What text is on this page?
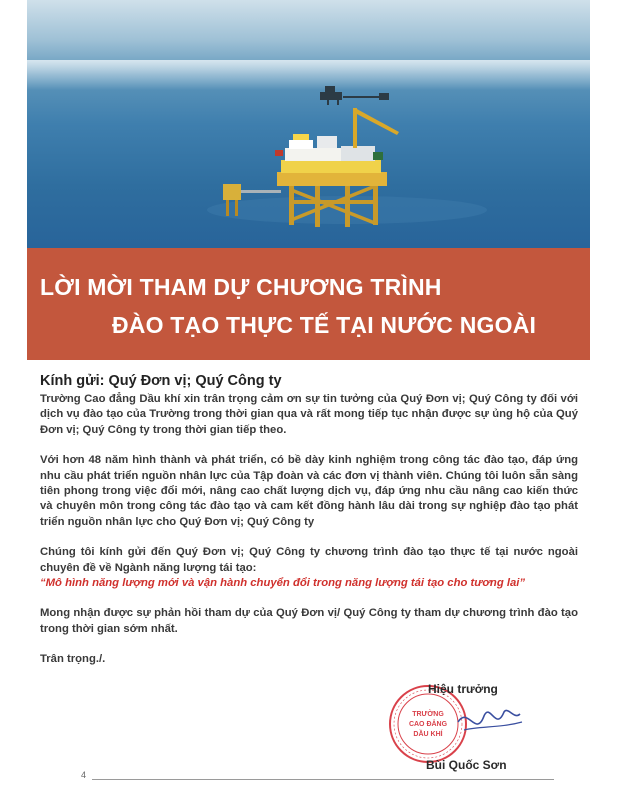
LỜI MỜI THAM DỰ CHƯƠNG TRÌNH
ĐÀO TẠO THỰC TẾ TẠI NƯỚC NGOÀI
Kính gửi: Quý Đơn vị; Quý Công ty

Trường Cao đẳng Dầu khí xin trân trọng cảm ơn sự tin tưởng của Quý Đơn vị; Quý Công ty đối với dịch vụ đào tạo của Trường trong thời gian qua và rất mong tiếp tục nhận được sự ủng hộ của Quý Đơn vị; Quý Công ty trong thời gian tiếp theo.

Với hơn 48 năm hình thành và phát triển, có bề dày kinh nghiệm trong công tác đào tạo, đáp ứng nhu cầu phát triển nguồn nhân lực của Tập đoàn và các đơn vị thành viên. Chúng tôi luôn sẵn sàng tiên phong trong việc đổi mới, nâng cao chất lượng dịch vụ, đáp ứng nhu cầu nâng cao kiến thức và chuyên môn trong công tác đào tạo và cam kết đồng hành lâu dài trong sự nghiệp đào tạo phát triển nguồn nhân lực cho Quý Đơn vị; Quý Công ty

Chúng tôi kính gửi đến Quý Đơn vị; Quý Công ty chương trình đào tạo thực tế tại nước ngoài chuyên đề về Ngành năng lượng tái tạo:

“Mô hình năng lượng mới và vận hành chuyển đổi trong năng lượng tái tạo cho tương lai”

Mong nhận được sự phản hồi tham dự của Quý Đơn vị/ Quý Công ty tham dự chương trình đào tạo trong thời gian sớm nhất.

Trân trọng./.

TRƯỜNG
CAO ĐẲNG
DẦU KHÍ
Hiệu trưởng
Bùi Quốc Sơn
4
